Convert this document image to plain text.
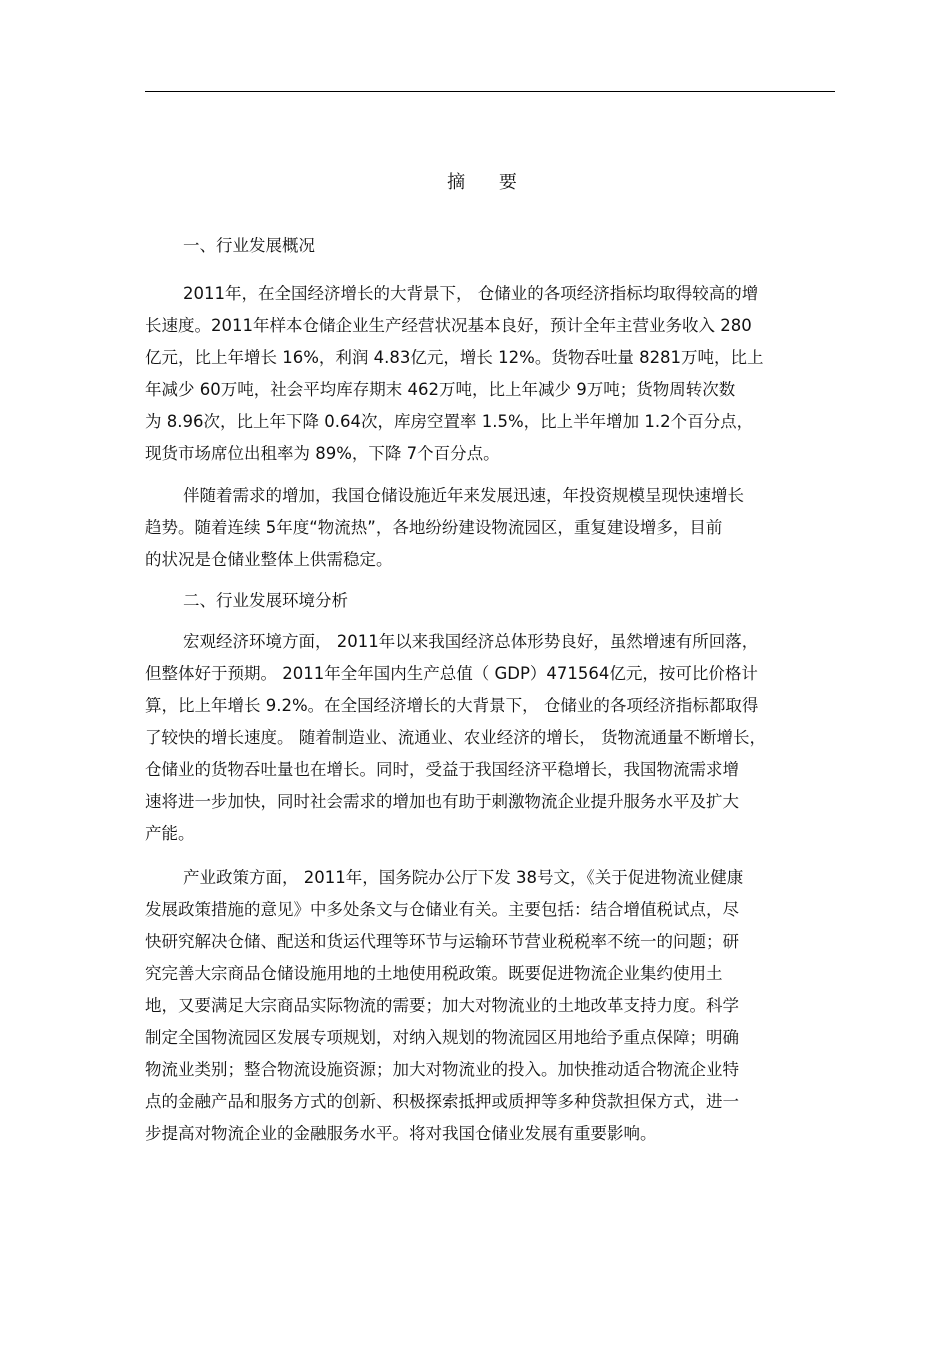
摘 要
一、行业发展概况
2011年，在全国经济增长的大背景下， 仓储业的各项经济指标均取得较高的增
长速度。2011年样本仓储企业生产经营状况基本良好，预计全年主营业务收入 280
亿元，比上年增长 16%，利润 4.83亿元，增长 12%。货物吞吐量 8281万吨，比上
年减少 60万吨，社会平均库存期末 462万吨，比上年减少 9万吨；货物周转次数
为 8.96次，比上年下降 0.64次，库房空置率 1.5%，比上半年增加 1.2个百分点，
现货市场席位出租率为 89%，下降 7个百分点。
伴随着需求的增加，我国仓储设施近年来发展迅速，年投资规模呈现快速增长
趋势。随着连续 5年度“物流热”，各地纷纷建设物流园区，重复建设增多，目前
的状况是仓储业整体上供需稳定。
二、行业发展环境分析
宏观经济环境方面， 2011年以来我国经济总体形势良好，虽然增速有所回落，
但整体好于预期。 2011年全年国内生产总值（ GDP）471564亿元，按可比价格计
算，比上年增长 9.2%。在全国经济增长的大背景下， 仓储业的各项经济指标都取得
了较快的增长速度。 随着制造业、流通业、农业经济的增长， 货物流通量不断增长，
仓储业的货物吞吐量也在增长。同时，受益于我国经济平稳增长，我国物流需求增
速将进一步加快，同时社会需求的增加也有助于刺激物流企业提升服务水平及扩大
产能。
产业政策方面， 2011年，国务院办公厅下发 38号文，《关于促进物流业健康
发展政策措施的意见》中多处条文与仓储业有关。主要包括：结合增值税试点，尽
快研究解决仓储、配送和货运代理等环节与运输环节营业税税率不统一的问题；研
究完善大宗商品仓储设施用地的土地使用税政策。既要促进物流企业集约使用土
地，又要满足大宗商品实际物流的需要；加大对物流业的土地改革支持力度。科学
制定全国物流园区发展专项规划，对纳入规划的物流园区用地给予重点保障；明确
物流业类别；整合物流设施资源；加大对物流业的投入。加快推动适合物流企业特
点的金融产品和服务方式的创新、积极探索抵押或质押等多种贷款担保方式，进一
步提高对物流企业的金融服务水平。将对我国仓储业发展有重要影响。
